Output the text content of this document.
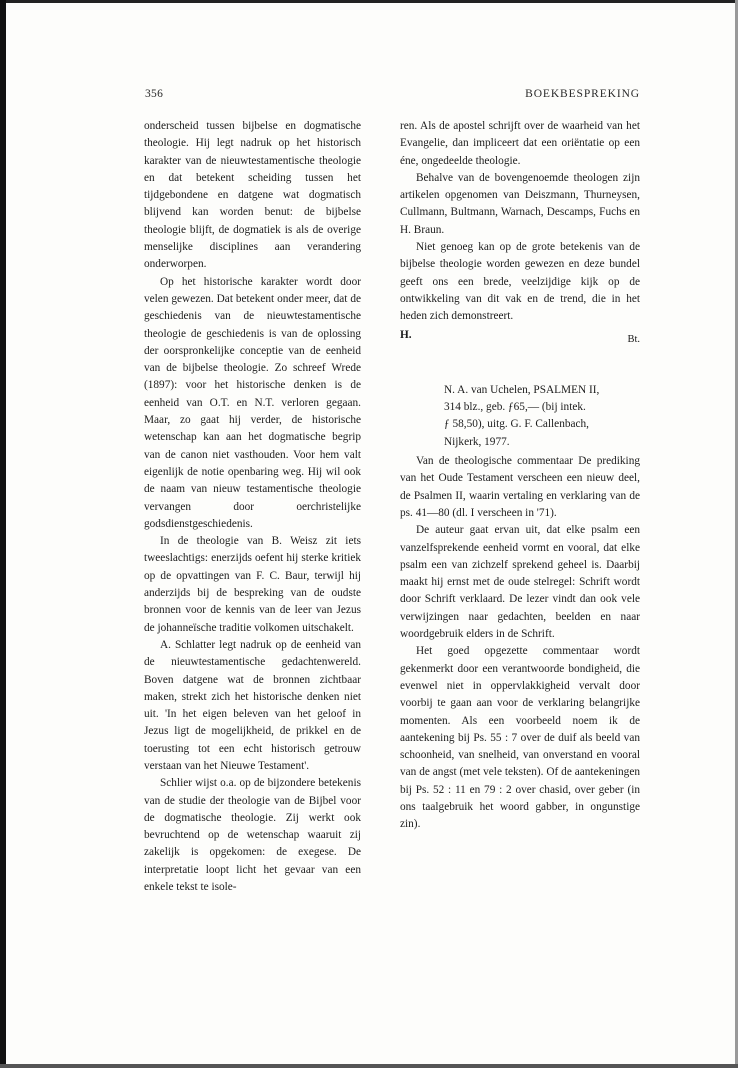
356	BOEKBESPREKING

onderscheid tussen bijbelse en dogmatische theologie. Hij legt nadruk op het historisch karakter van de nieuwtestamentische theologie en dat betekent scheiding tussen het tijdgebondene en datgene wat dogmatisch blijvend kan worden benut: de bijbelse theologie blijft, de dogmatiek is als de overige menselijke disciplines aan verandering onderworpen.

Op het historische karakter wordt door velen gewezen. Dat betekent onder meer, dat de geschiedenis van de nieuwtestamentische theologie de geschiedenis is van de oplossing der oorspronkelijke conceptie van de eenheid van de bijbelse theologie. Zo schreef Wrede (1897): voor het historische denken is de eenheid van O.T. en N.T. verloren gegaan. Maar, zo gaat hij verder, de historische wetenschap kan aan het dogmatische begrip van de canon niet vasthouden. Voor hem valt eigenlijk de notie openbaring weg. Hij wil ook de naam van nieuw testamentische theologie vervangen door oerchristelijke godsdienstgeschiedenis.

In de theologie van B. Weisz zit iets tweeslachtigs: enerzijds oefent hij sterke kritiek op de opvattingen van F. C. Baur, terwijl hij anderzijds bij de bespreking van de oudste bronnen voor de kennis van de leer van Jezus de johanneïsche traditie volkomen uitschakelt.

A. Schlatter legt nadruk op de eenheid van de nieuwtestamentische gedachtenwereld. Boven datgene wat de bronnen zichtbaar maken, strekt zich het historische denken niet uit. 'In het eigen beleven van het geloof in Jezus ligt de mogelijkheid, de prikkel en de toerusting tot een echt historisch getrouw verstaan van het Nieuwe Testament'.

Schlier wijst o.a. op de bijzondere betekenis van de studie der theologie van de Bijbel voor de dogmatische theologie. Zij werkt ook bevruchtend op de wetenschap waaruit zij zakelijk is opgekomen: de exegese. De interpretatie loopt licht het gevaar van een enkele tekst te isole-

ren. Als de apostel schrijft over de waarheid van het Evangelie, dan impliceert dat een oriëntatie op een éne, ongedeelde theologie.

Behalve van de bovengenoemde theologen zijn artikelen opgenomen van Deiszmann, Thurneysen, Cullmann, Bultmann, Warnach, Descamps, Fuchs en H. Braun.

Niet genoeg kan op de grote betekenis van de bijbelse theologie worden gewezen en deze bundel geeft ons een brede, veelzijdige kijk op de ontwikkeling van dit vak en de trend, die in het heden zich demonstreert.

H.	Bt.
N. A. van Uchelen, PSALMEN II,
314 blz., geb. ƒ65,— (bij intek.
ƒ 58,50), uitg. G. F. Callenbach,
Nijkerk, 1977.

Van de theologische commentaar De prediking van het Oude Testament verscheen een nieuw deel, de Psalmen II, waarin vertaling en verklaring van de ps. 41—80 (dl. I verscheen in '71).

De auteur gaat ervan uit, dat elke psalm een vanzelfsprekende eenheid vormt en vooral, dat elke psalm een van zichzelf sprekend geheel is. Daarbij maakt hij ernst met de oude stelregel: Schrift wordt door Schrift verklaard. De lezer vindt dan ook vele verwijzingen naar gedachten, beelden en naar woordgebruik elders in de Schrift.

Het goed opgezette commentaar wordt gekenmerkt door een verantwoorde bondigheid, die evenwel niet in oppervlakkigheid vervalt door voorbij te gaan aan voor de verklaring belangrijke momenten. Als een voorbeeld noem ik de aantekening bij Ps. 55 : 7 over de duif als beeld van schoonheid, van snelheid, van onverstand en vooral van de angst (met vele teksten). Of de aantekeningen bij Ps. 52 : 11 en 79 : 2 over chasid, over geber (in ons taalgebruik het woord gabber, in ongunstige zin).
